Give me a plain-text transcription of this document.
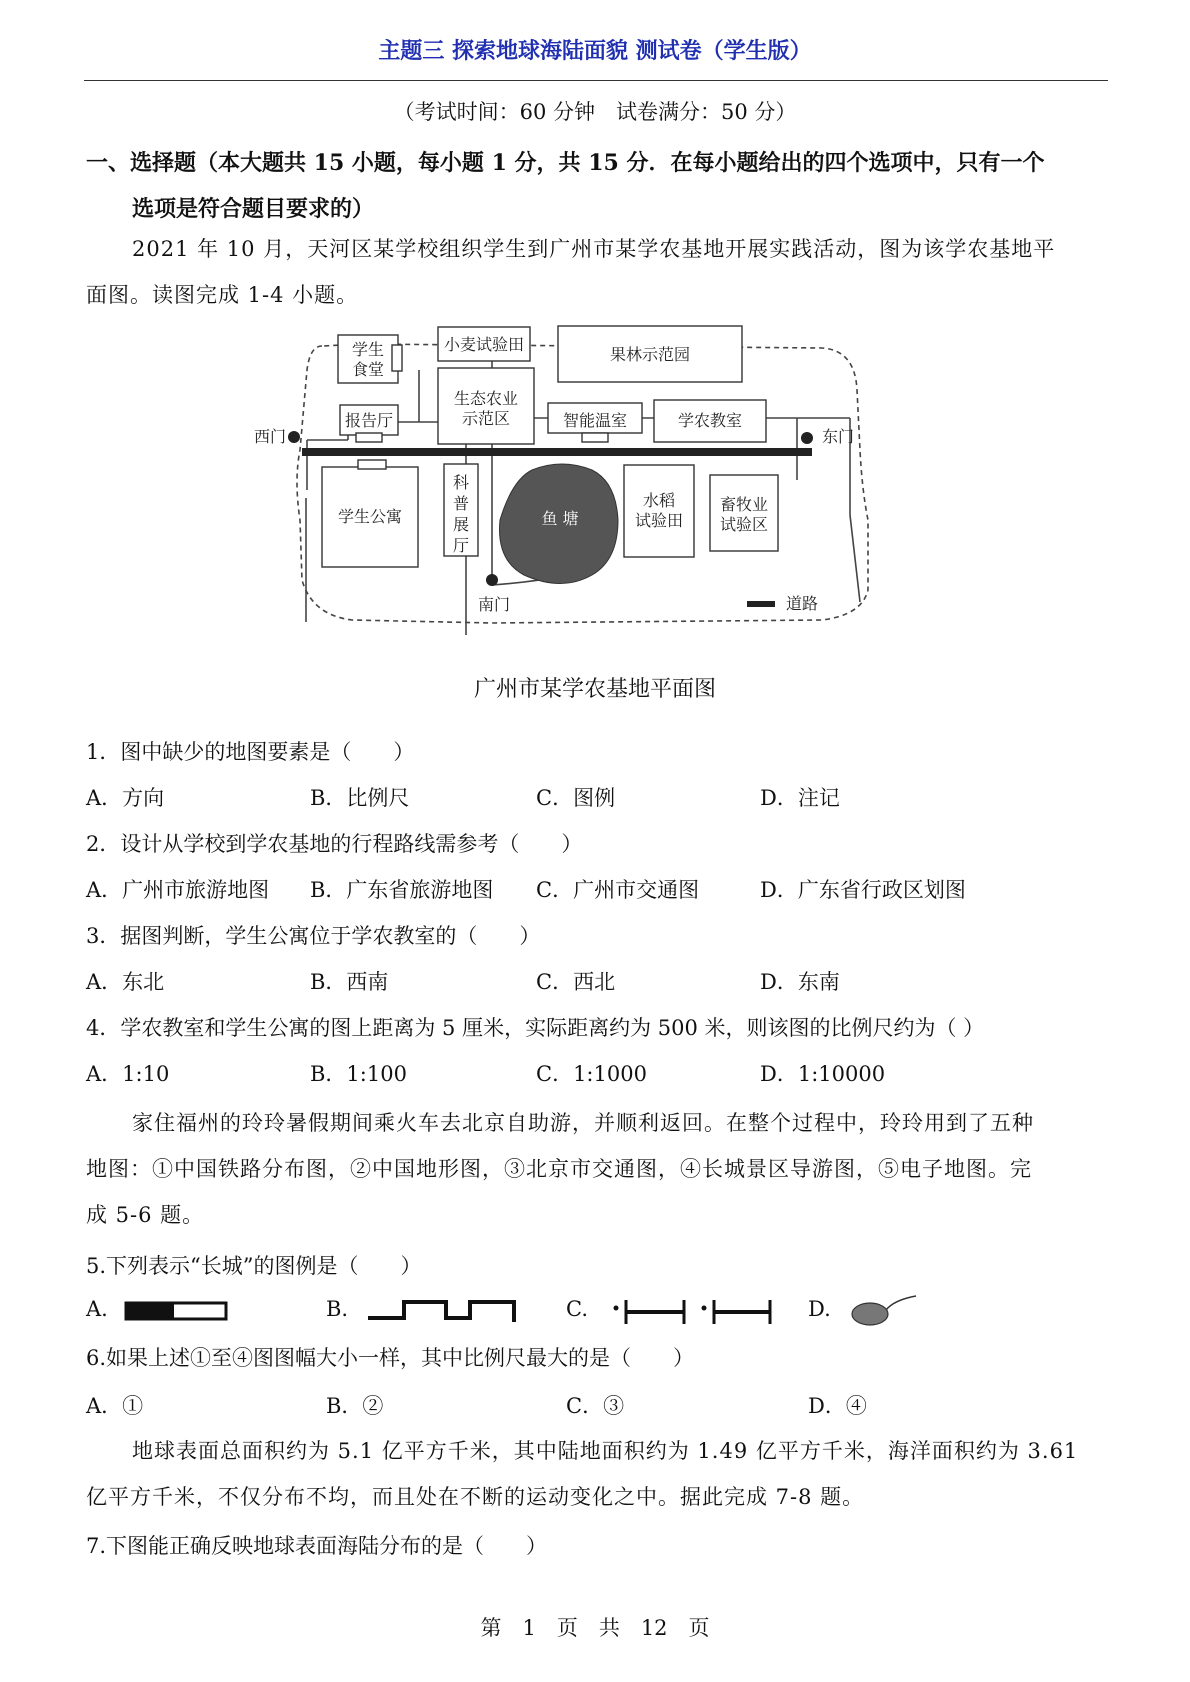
主题三 探索地球海陆面貌 测试卷（学生版）
（考试时间：60 分钟　试卷满分：50 分）
一、选择题（本大题共 15 小题，每小题 1 分，共 15 分．在每小题给出的四个选项中，只有一个
选项是符合题目要求的）
2021 年 10 月，天河区某学校组织学生到广州市某学农基地开展实践活动，图为该学农基地平
面图。读图完成 1-4 小题。
学生
食堂
小麦试验田
果林示范园
生态农业
示范区
报告厅	智能温室	学农教室
西门	东门
南门
学生公寓
科
普
展
厅
鱼 塘
水稻
试验田
畜牧业
试验区
道路
广州市某学农基地平面图
1．图中缺少的地图要素是（　　）
A．方向	B．比例尺	C．图例	D．注记
2．设计从学校到学农基地的行程路线需参考（　　）
A．广州市旅游地图 B．广东省旅游地图 C．广州市交通图	D．广东省行政区划图
3．据图判断，学生公寓位于学农教室的（　　）
A．东北	B．西南	C．西北	D．东南
4．学农教室和学生公寓的图上距离为 5 厘米，实际距离约为 500 米，则该图的比例尺约为（ ）
A．1:10	B．1:100	C．1:1000	D．1:10000
家住福州的玲玲暑假期间乘火车去北京自助游，并顺利返回。在整个过程中，玲玲用到了五种
地图：①中国铁路分布图，②中国地形图，③北京市交通图，④长城景区导游图，⑤电子地图。完
成 5-6 题。
5.下列表示“长城”的图例是（　　）
A.	B.	C.	D.
6.如果上述①至④图图幅大小一样，其中比例尺最大的是（　　）
A．①	B．②	C．③	D．④
地球表面总面积约为 5.1 亿平方千米，其中陆地面积约为 1.49 亿平方千米，海洋面积约为 3.61
亿平方千米，不仅分布不均，而且处在不断的运动变化之中。据此完成 7-8 题。
7.下图能正确反映地球表面海陆分布的是（　　）
第　1　页　共　12　页
